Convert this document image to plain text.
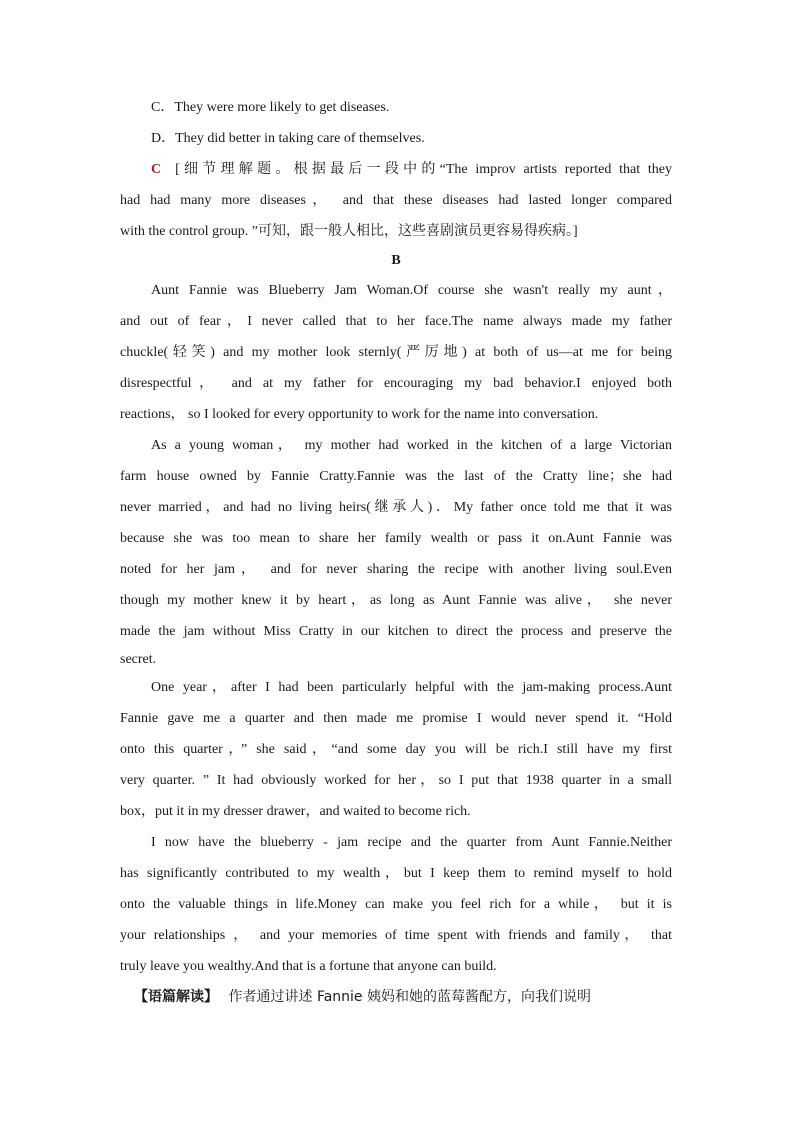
C．They were more likely to get diseases.
D．They did better in taking care of themselves.
C [细节理解题。根据最后一段中的“The improv artists reported that they
had had many more diseases， and that these diseases had lasted longer compared
with the control group. ”可知，跟一般人相比，这些喜剧演员更容易得疾病。]
B
Aunt Fannie was Blueberry Jam Woman.Of course she wasn't really my aunt，
and out of fear，I never called that to her face.The name always made my father
chuckle(轻笑) and my mother look sternly(严厉地) at both of us—at me for being
disrespectful， and at my father for encouraging my bad behavior.I enjoyed both
reactions， so I looked for every opportunity to work for the name into conversation.
As a young woman， my mother had worked in the kitchen of a large Victorian
farm house owned by Fannie Cratty.Fannie was the last of the Cratty line；she had
never married，and had no living heirs(继承人)．My father once told me that it was
because she was too mean to share her family wealth or pass it on.Aunt Fannie was
noted for her jam， and for never sharing the recipe with another living soul.Even
though my mother knew it by heart，as long as Aunt Fannie was alive， she never
made the jam without Miss Cratty in our kitchen to direct the process and preserve the
secret.
One year，after I had been particularly helpful with the jam-making process.Aunt
Fannie gave me a quarter and then made me promise I would never spend it. “Hold
onto this quarter，” she said，“and some day you will be rich.I still have my first
very quarter. ” It had obviously worked for her，so I put that 1938 quarter in a small
box，put it in my dresser drawer，and waited to become rich.
I now have the blueberry - jam recipe and the quarter from Aunt Fannie.Neither
has significantly contributed to my wealth，but I keep them to remind myself to hold
onto the valuable things in life.Money can make you feel rich for a while， but it is
your relationships ， and your memories of time spent with friends and family， that
truly leave you wealthy.And that is a fortune that anyone can build.
【语篇解读】 作者通过讲述 Fannie 姨妈和她的蓝莓酱配方，向我们说明
